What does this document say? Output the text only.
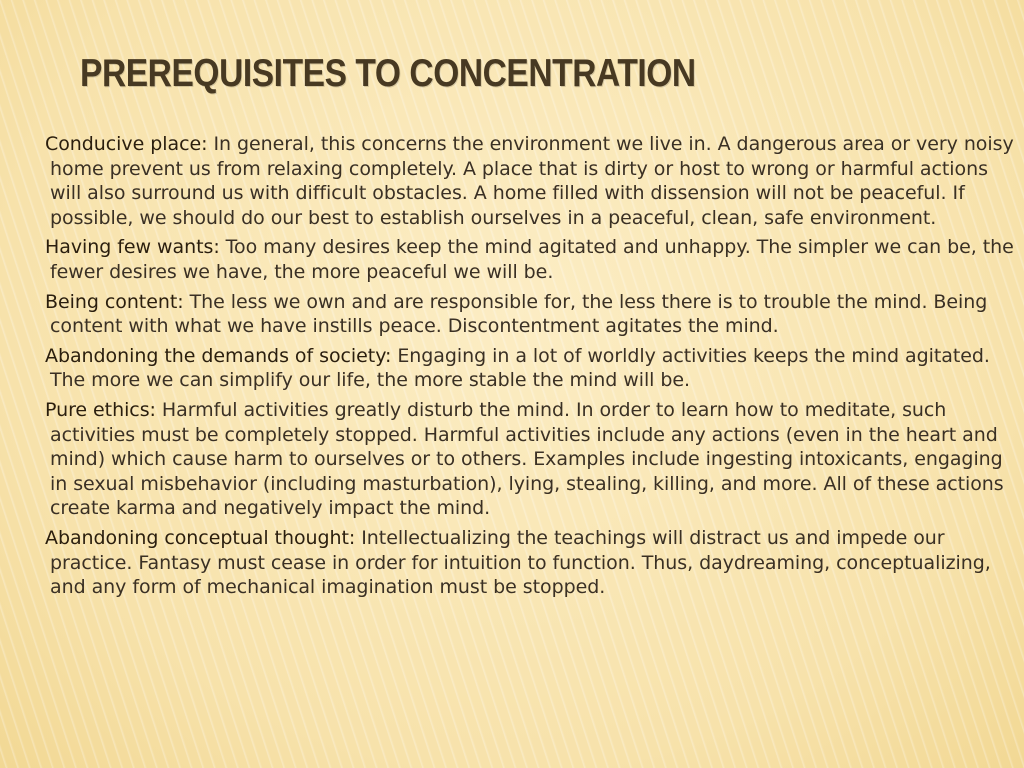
PREREQUISITES TO CONCENTRATION
Conducive place: In general, this concerns the environment we live in. A dangerous area or very noisy home prevent us from relaxing completely. A place that is dirty or host to wrong or harmful actions will also surround us with difficult obstacles. A home filled with dissension will not be peaceful. If possible, we should do our best to establish ourselves in a peaceful, clean, safe environment.
Having few wants: Too many desires keep the mind agitated and unhappy. The simpler we can be, the fewer desires we have, the more peaceful we will be.
Being content: The less we own and are responsible for, the less there is to trouble the mind. Being content with what we have instills peace. Discontentment agitates the mind.
Abandoning the demands of society: Engaging in a lot of worldly activities keeps the mind agitated. The more we can simplify our life, the more stable the mind will be.
Pure ethics: Harmful activities greatly disturb the mind. In order to learn how to meditate, such activities must be completely stopped. Harmful activities include any actions (even in the heart and mind) which cause harm to ourselves or to others. Examples include ingesting intoxicants, engaging in sexual misbehavior (including masturbation), lying, stealing, killing, and more. All of these actions create karma and negatively impact the mind.
Abandoning conceptual thought: Intellectualizing the teachings will distract us and impede our practice. Fantasy must cease in order for intuition to function. Thus, daydreaming, conceptualizing, and any form of mechanical imagination must be stopped.
